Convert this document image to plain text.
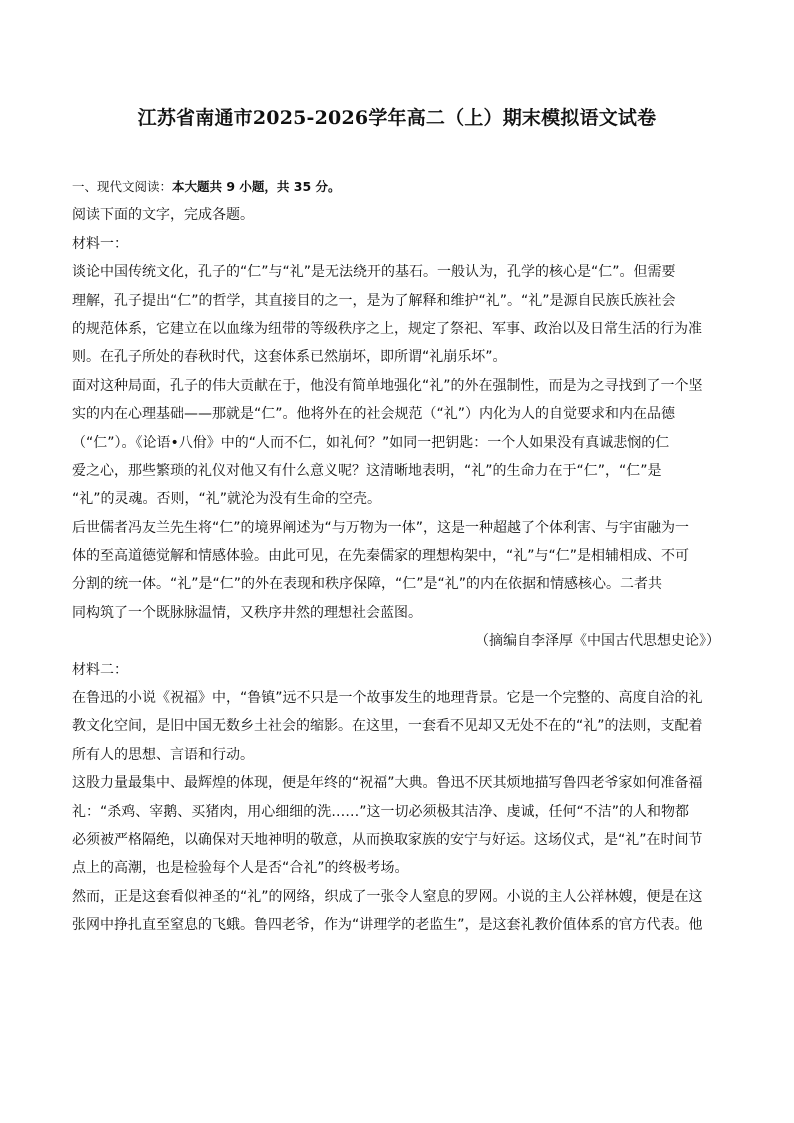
江苏省南通市2025-2026学年高二（上）期末模拟语文试卷
一、现代文阅读：本大题共 9 小题，共 35 分。
阅读下面的文字，完成各题。
材料一：
谈论中国传统文化，孔子的“仁”与“礼”是无法绕开的基石。一般认为，孔学的核心是“仁”。但需要
理解，孔子提出“仁”的哲学，其直接目的之一，是为了解释和维护“礼”。“礼”是源自民族氏族社会
的规范体系，它建立在以血缘为纽带的等级秩序之上，规定了祭祀、军事、政治以及日常生活的行为准
则。在孔子所处的春秋时代，这套体系已然崩坏，即所谓“礼崩乐坏”。
面对这种局面，孔子的伟大贡献在于，他没有简单地强化“礼”的外在强制性，而是为之寻找到了一个坚
实的内在心理基础——那就是“仁”。他将外在的社会规范（“礼”）内化为人的自觉要求和内在品德
（“仁”）。《论语•八佾》中的“人而不仁，如礼何？”如同一把钥匙：一个人如果没有真诚悲悯的仁
爱之心，那些繁琐的礼仪对他又有什么意义呢？这清晰地表明，“礼”的生命力在于“仁”，“仁”是
“礼”的灵魂。否则，“礼”就沦为没有生命的空壳。
后世儒者冯友兰先生将“仁”的境界阐述为“与万物为一体”，这是一种超越了个体利害、与宇宙融为一
体的至高道德觉解和情感体验。由此可见，在先秦儒家的理想构架中，“礼”与“仁”是相辅相成、不可
分割的统一体。“礼”是“仁”的外在表现和秩序保障，“仁”是“礼”的内在依据和情感核心。二者共
同构筑了一个既脉脉温情，又秩序井然的理想社会蓝图。
（摘编自李泽厚《中国古代思想史论》）
材料二：
在鲁迅的小说《祝福》中，“鲁镇”远不只是一个故事发生的地理背景。它是一个完整的、高度自洽的礼
教文化空间，是旧中国无数乡土社会的缩影。在这里，一套看不见却又无处不在的“礼”的法则，支配着
所有人的思想、言语和行动。
这股力量最集中、最辉煌的体现，便是年终的“祝福”大典。鲁迅不厌其烦地描写鲁四老爷家如何准备福
礼：“杀鸡、宰鹅、买猪肉，用心细细的洗……”这一切必须极其洁净、虔诚，任何“不洁”的人和物都
必须被严格隔绝，以确保对天地神明的敬意，从而换取家族的安宁与好运。这场仪式，是“礼”在时间节
点上的高潮，也是检验每个人是否“合礼”的终极考场。
然而，正是这套看似神圣的“礼”的网络，织成了一张令人窒息的罗网。小说的主人公祥林嫂，便是在这
张网中挣扎直至窒息的飞蛾。鲁四老爷，作为“讲理学的老监生”，是这套礼教价值体系的官方代表。他
